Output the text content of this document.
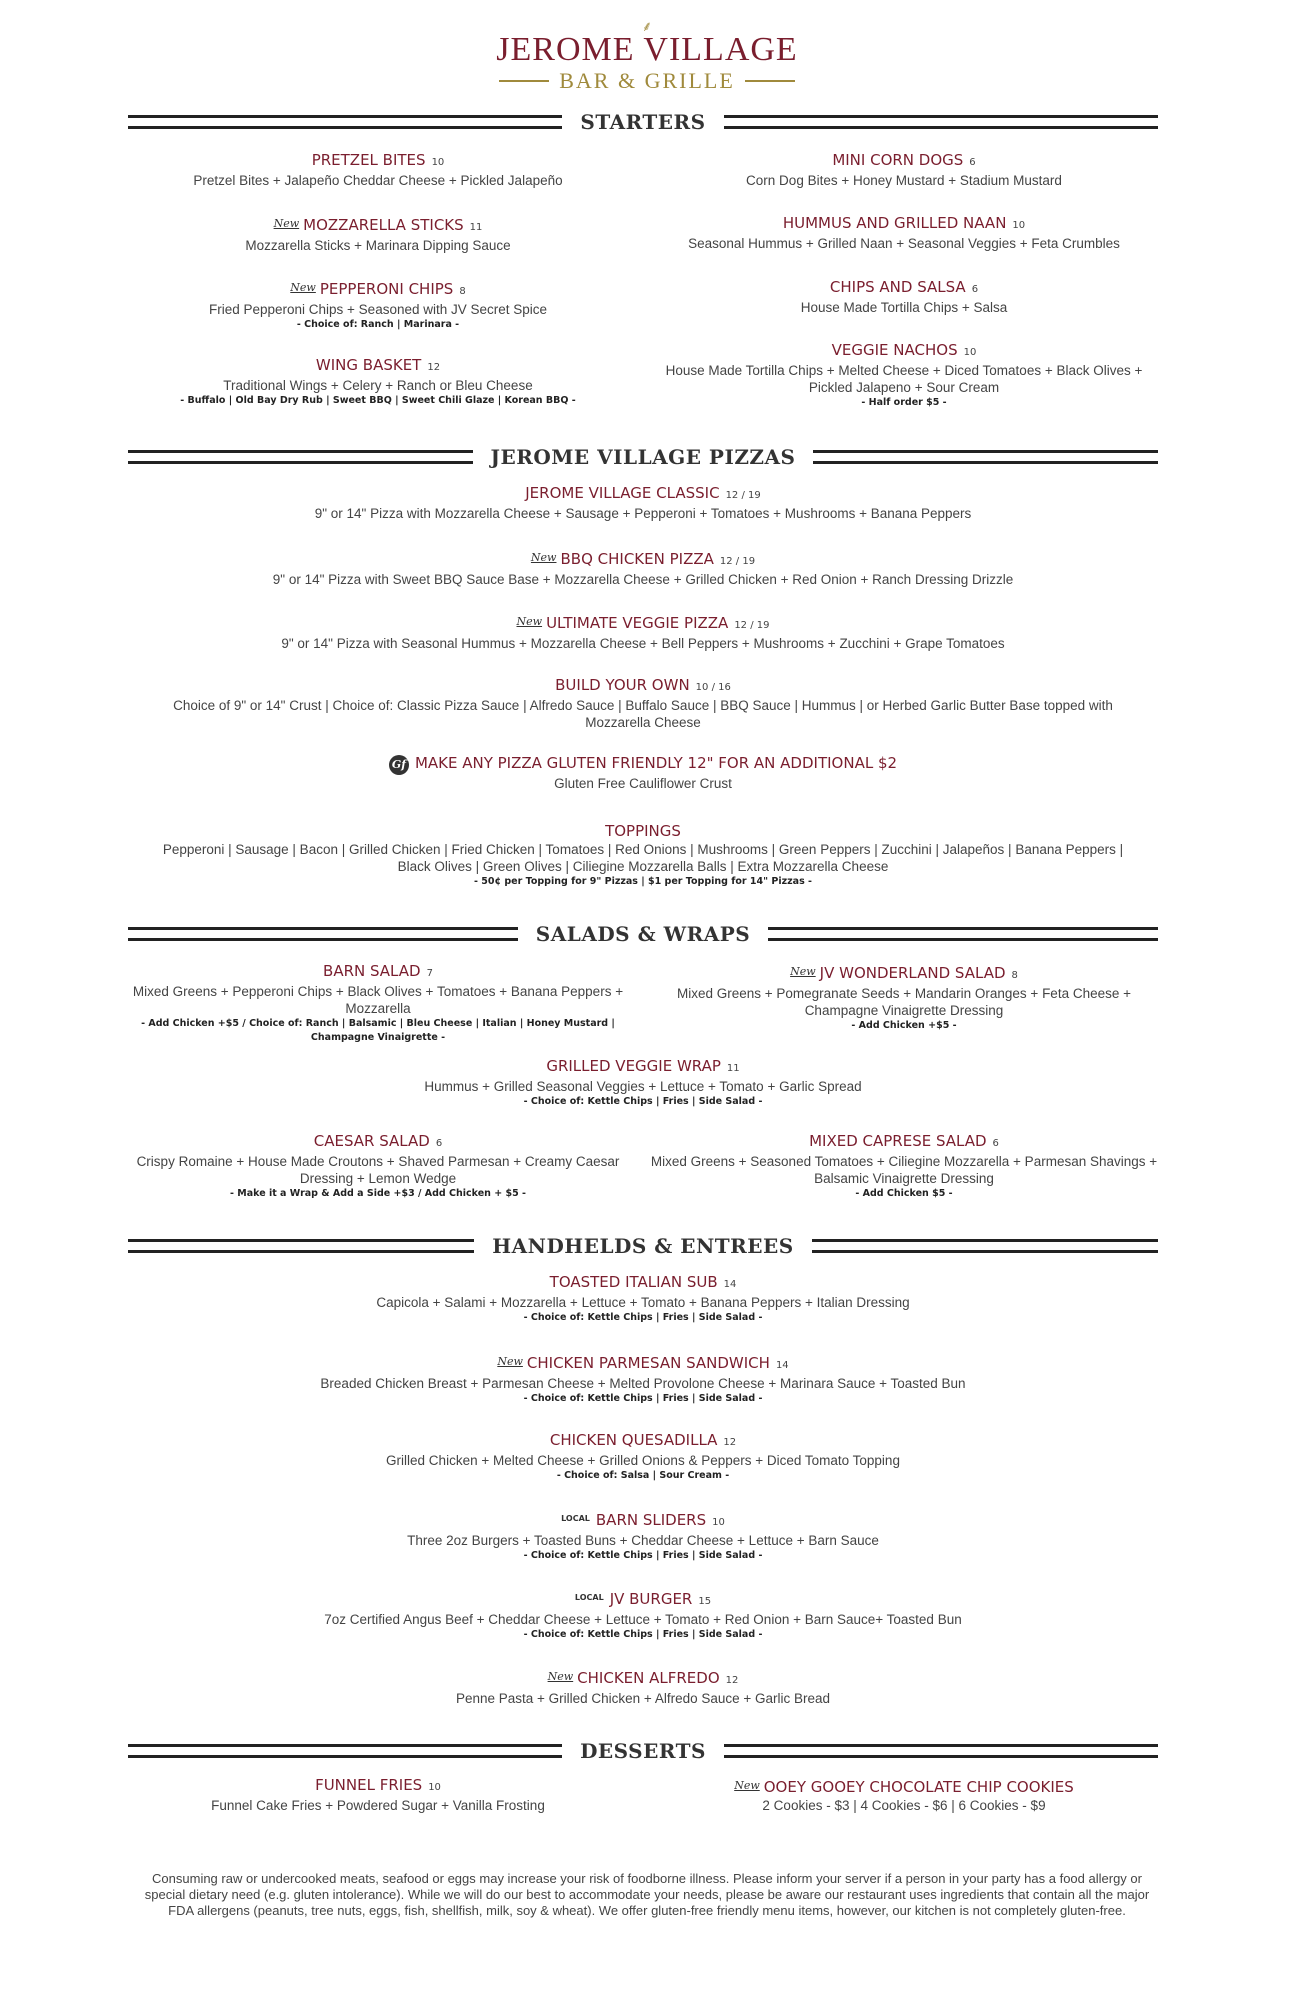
⸙
JEROME VILLAGE
BAR & GRILLE
STARTERS
PRETZEL BITES 10
Pretzel Bites + Jalapeño Cheddar Cheese + Pickled Jalapeño
MINI CORN DOGS 6
Corn Dog Bites + Honey Mustard + Stadium Mustard
$^{New}$ MOZZARELLA STICKS 11
Mozzarella Sticks + Marinara Dipping Sauce
HUMMUS AND GRILLED NAAN 10
Seasonal Hummus + Grilled Naan + Seasonal Veggies + Feta Crumbles
$^{New}$ PEPPERONI CHIPS 8
Fried Pepperoni Chips + Seasoned with JV Secret Spice
- Choice of: Ranch | Marinara -
CHIPS AND SALSA 6
House Made Tortilla Chips + Salsa
WING BASKET 12
Traditional Wings + Celery + Ranch or Bleu Cheese
- Buffalo | Old Bay Dry Rub | Sweet BBQ | Sweet Chili Glaze | Korean BBQ -
VEGGIE NACHOS 10
House Made Tortilla Chips + Melted Cheese + Diced Tomatoes + Black Olives + Pickled Jalapeno + Sour Cream
- Half order $5 -
JEROME VILLAGE PIZZAS
JEROME VILLAGE CLASSIC 12 / 19
9" or 14" Pizza with Mozzarella Cheese + Sausage + Pepperoni + Tomatoes + Mushrooms + Banana Peppers
$^{New}$ BBQ CHICKEN PIZZA 12 / 19
9" or 14" Pizza with Sweet BBQ Sauce Base + Mozzarella Cheese + Grilled Chicken + Red Onion + Ranch Dressing Drizzle
$^{New}$ ULTIMATE VEGGIE PIZZA 12 / 19
9" or 14" Pizza with Seasonal Hummus + Mozzarella Cheese + Bell Peppers + Mushrooms + Zucchini + Grape Tomatoes
BUILD YOUR OWN 10 / 16
Choice of 9" or 14" Crust | Choice of: Classic Pizza Sauce | Alfredo Sauce | Buffalo Sauce | BBQ Sauce | Hummus | or Herbed Garlic Butter Base topped with Mozzarella Cheese
Gf MAKE ANY PIZZA GLUTEN FRIENDLY 12" FOR AN ADDITIONAL $2
Gluten Free Cauliflower Crust
TOPPINGS
Pepperoni | Sausage | Bacon | Grilled Chicken | Fried Chicken | Tomatoes | Red Onions | Mushrooms | Green Peppers | Zucchini | Jalapeños | Banana Peppers | Black Olives | Green Olives | Ciliegine Mozzarella Balls | Extra Mozzarella Cheese
- 50¢ per Topping for 9" Pizzas | $1 per Topping for 14" Pizzas -
SALADS & WRAPS
BARN SALAD 7
Mixed Greens + Pepperoni Chips + Black Olives + Tomatoes + Banana Peppers + Mozzarella
- Add Chicken +$5 / Choice of: Ranch | Balsamic | Bleu Cheese | Italian | Honey Mustard | Champagne Vinaigrette -
$^{New}$ JV WONDERLAND SALAD 8
Mixed Greens + Pomegranate Seeds + Mandarin Oranges + Feta Cheese + Champagne Vinaigrette Dressing
- Add Chicken +$5 -
GRILLED VEGGIE WRAP 11
Hummus + Grilled Seasonal Veggies + Lettuce + Tomato + Garlic Spread
- Choice of: Kettle Chips | Fries | Side Salad -
CAESAR SALAD 6
Crispy Romaine + House Made Croutons + Shaved Parmesan + Creamy Caesar Dressing + Lemon Wedge
- Make it a Wrap & Add a Side +$3 / Add Chicken + $5 -
MIXED CAPRESE SALAD 6
Mixed Greens + Seasoned Tomatoes + Ciliegine Mozzarella + Parmesan Shavings + Balsamic Vinaigrette Dressing
- Add Chicken $5 -
HANDHELDS & ENTREES
TOASTED ITALIAN SUB 14
Capicola + Salami + Mozzarella + Lettuce + Tomato + Banana Peppers + Italian Dressing
- Choice of: Kettle Chips | Fries | Side Salad -
$^{New}$ CHICKEN PARMESAN SANDWICH 14
Breaded Chicken Breast + Parmesan Cheese + Melted Provolone Cheese + Marinara Sauce + Toasted Bun
- Choice of: Kettle Chips | Fries | Side Salad -
CHICKEN QUESADILLA 12
Grilled Chicken + Melted Cheese + Grilled Onions & Peppers + Diced Tomato Topping
- Choice of: Salsa | Sour Cream -
$^{LOCAL}$ BARN SLIDERS 10
Three 2oz Burgers + Toasted Buns + Cheddar Cheese + Lettuce + Barn Sauce
- Choice of: Kettle Chips | Fries | Side Salad -
$^{LOCAL}$ JV BURGER 15
7oz Certified Angus Beef + Cheddar Cheese + Lettuce + Tomato + Red Onion + Barn Sauce+ Toasted Bun
- Choice of: Kettle Chips | Fries | Side Salad -
$^{New}$ CHICKEN ALFREDO 12
Penne Pasta + Grilled Chicken + Alfredo Sauce + Garlic Bread
DESSERTS
FUNNEL FRIES 10
Funnel Cake Fries + Powdered Sugar + Vanilla Frosting
$^{New}$ OOEY GOOEY CHOCOLATE CHIP COOKIES
2 Cookies - $3 | 4 Cookies - $6 | 6 Cookies - $9
Consuming raw or undercooked meats, seafood or eggs may increase your risk of foodborne illness. Please inform your server if a person in your party has a food allergy or special dietary need (e.g. gluten intolerance). While we will do our best to accommodate your needs, please be aware our restaurant uses ingredients that contain all the major FDA allergens (peanuts, tree nuts, eggs, fish, shellfish, milk, soy & wheat). We offer gluten-free friendly menu items, however, our kitchen is not completely gluten-free.
